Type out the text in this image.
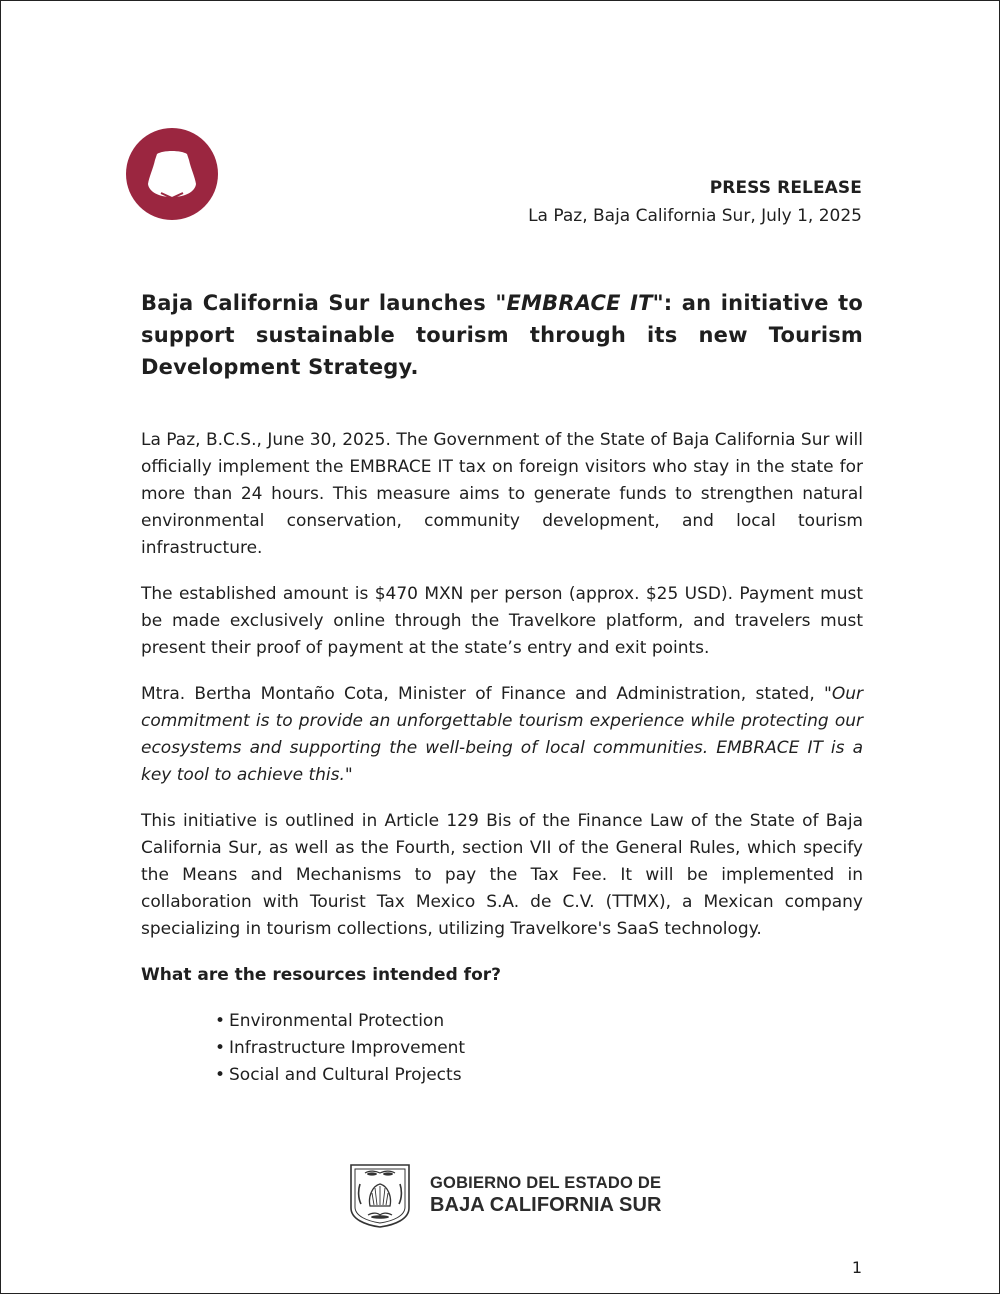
PRESS RELEASE
La Paz, Baja California Sur, July 1, 2025
Baja California Sur launches "EMBRACE IT": an initiative to support sustainable tourism through its new Tourism Development Strategy.

La Paz, B.C.S., June 30, 2025. The Government of the State of Baja California Sur will officially implement the EMBRACE IT tax on foreign visitors who stay in the state for more than 24 hours. This measure aims to generate funds to strengthen natural environmental conservation, community development, and local tourism infrastructure.

The established amount is $470 MXN per person (approx. $25 USD). Payment must be made exclusively online through the Travelkore platform, and travelers must present their proof of payment at the state’s entry and exit points.

Mtra. Bertha Montaño Cota, Minister of Finance and Administration, stated, "Our commitment is to provide an unforgettable tourism experience while protecting our ecosystems and supporting the well-being of local communities. EMBRACE IT is a key tool to achieve this."

This initiative is outlined in Article 129 Bis of the Finance Law of the State of Baja California Sur, as well as the Fourth, section VII of the General Rules, which specify the Means and Mechanisms to pay the Tax Fee. It will be implemented in collaboration with Tourist Tax Mexico S.A. de C.V. (TTMX), a Mexican company specializing in tourism collections, utilizing Travelkore's SaaS technology.

What are the resources intended for?
• Environmental Protection
• Infrastructure Improvement
• Social and Cultural Projects
GOBIERNO DEL ESTADO DE
BAJA CALIFORNIA SUR
1
